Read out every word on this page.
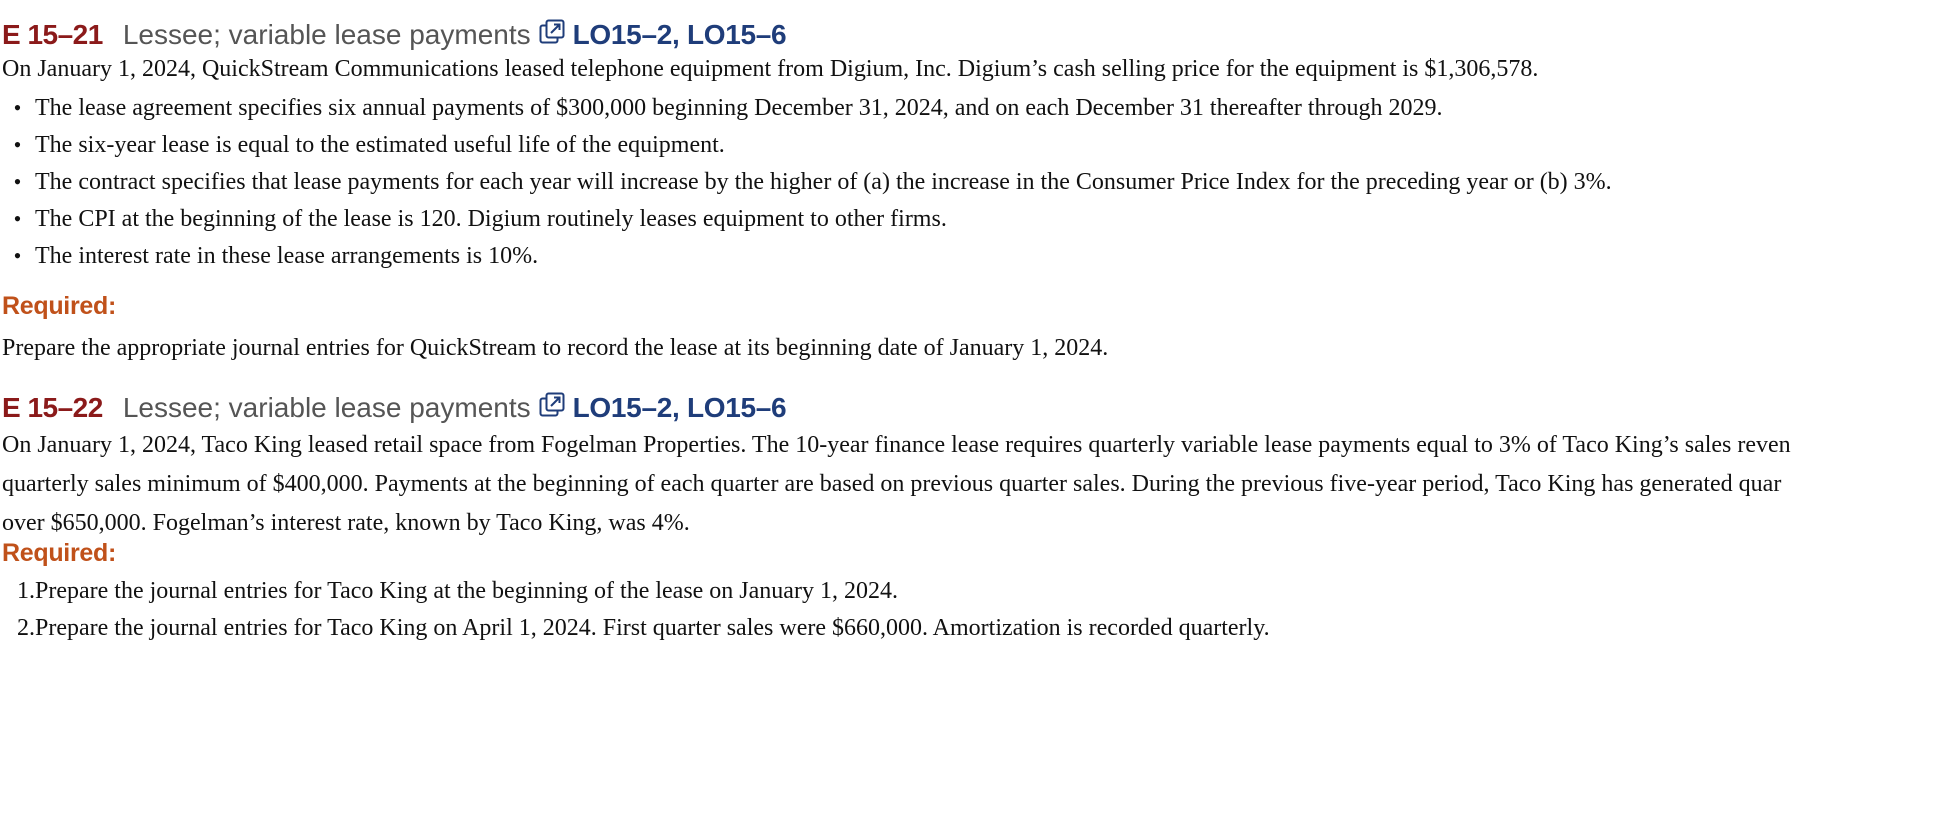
E 15–21 Lessee; variable lease payments LO15–2, LO15–6
On January 1, 2024, QuickStream Communications leased telephone equipment from Digium, Inc. Digium’s cash selling price for the equipment is $1,306,578.
• The lease agreement specifies six annual payments of $300,000 beginning December 31, 2024, and on each December 31 thereafter through 2029.
• The six-year lease is equal to the estimated useful life of the equipment.
• The contract specifies that lease payments for each year will increase by the higher of (a) the increase in the Consumer Price Index for the preceding year or (b) 3%.
• The CPI at the beginning of the lease is 120. Digium routinely leases equipment to other firms.
• The interest rate in these lease arrangements is 10%.
Required:
Prepare the appropriate journal entries for QuickStream to record the lease at its beginning date of January 1, 2024.
E 15–22 Lessee; variable lease payments LO15–2, LO15–6
On January 1, 2024, Taco King leased retail space from Fogelman Properties. The 10-year finance lease requires quarterly variable lease payments equal to 3% of Taco King’s sales reven
quarterly sales minimum of $400,000. Payments at the beginning of each quarter are based on previous quarter sales. During the previous five-year period, Taco King has generated quar
over $650,000. Fogelman’s interest rate, known by Taco King, was 4%.
Required:
1. Prepare the journal entries for Taco King at the beginning of the lease on January 1, 2024.
2. Prepare the journal entries for Taco King on April 1, 2024. First quarter sales were $660,000. Amortization is recorded quarterly.
